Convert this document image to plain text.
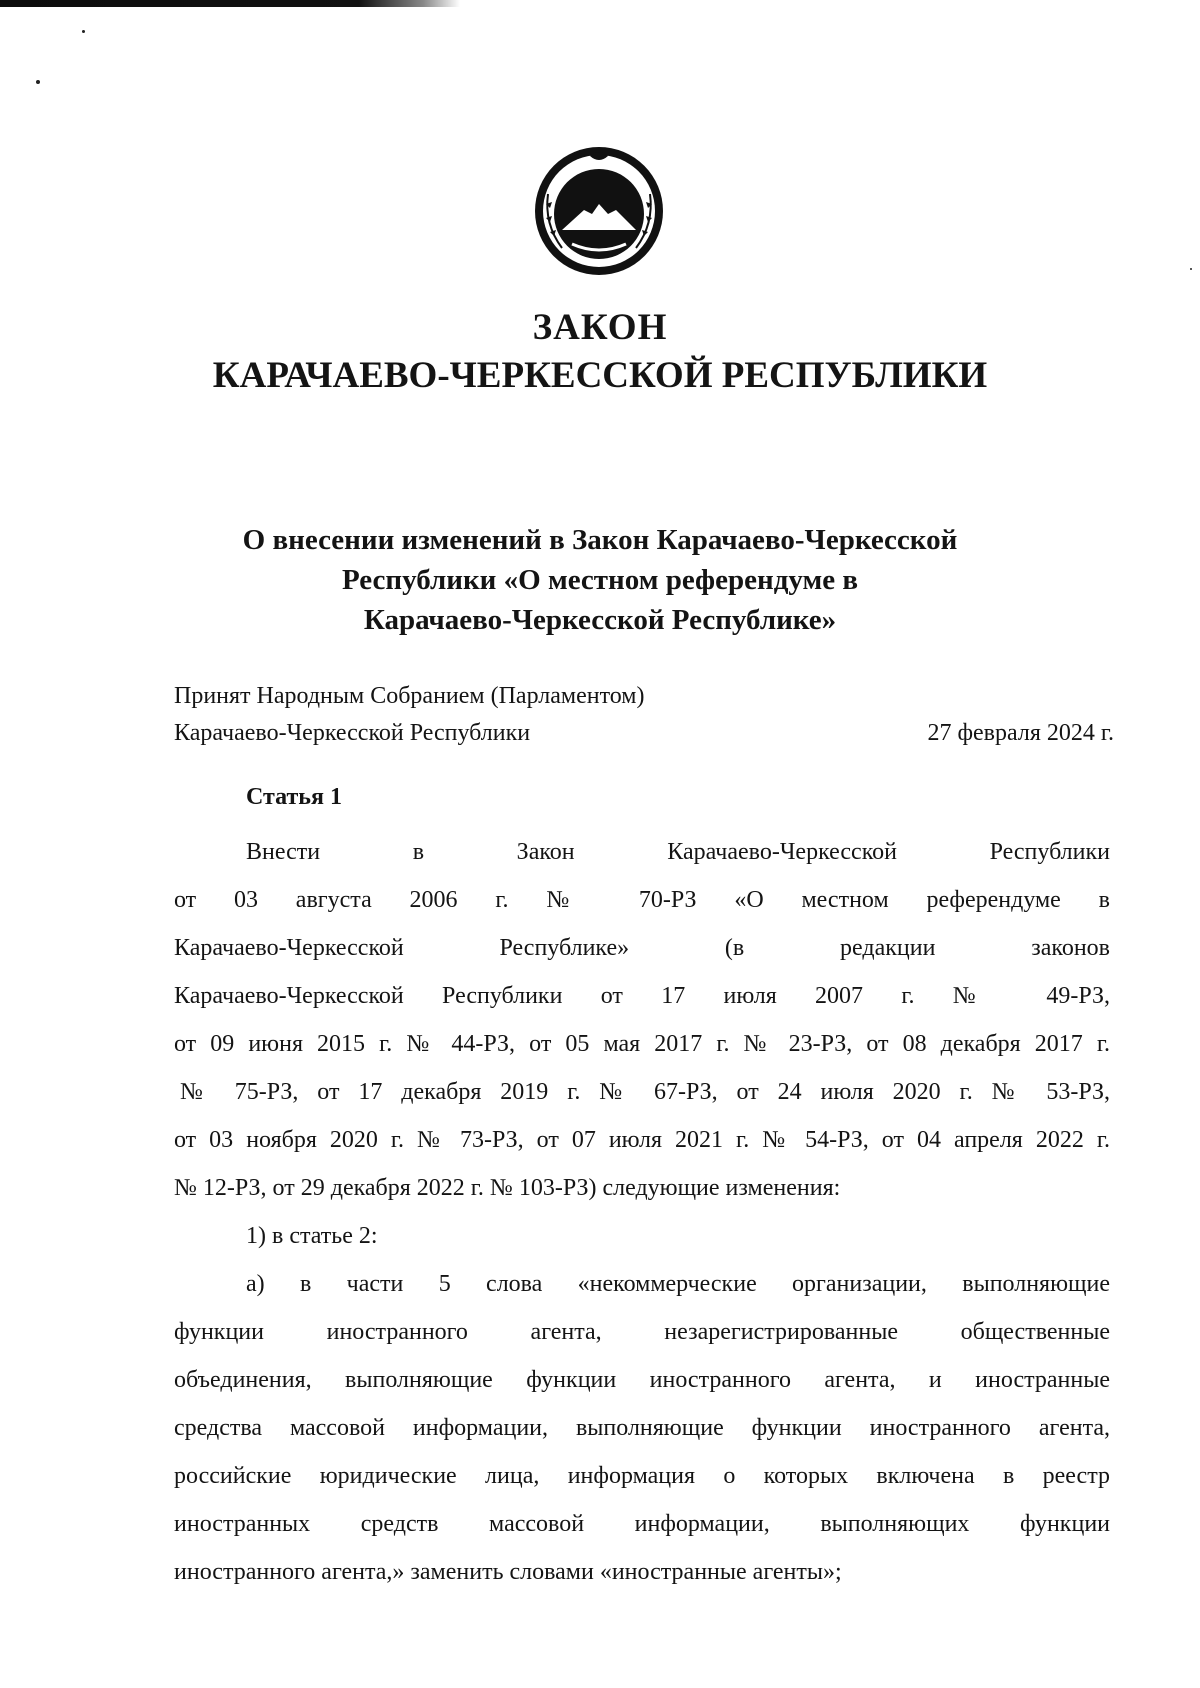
ЗАКОН
КАРАЧАЕВО-ЧЕРКЕССКОЙ РЕСПУБЛИКИ
О внесении изменений в Закон Карачаево-Черкесской
Республики «О местном референдуме в
Карачаево-Черкесской Республике»
Принят Народным Собранием (Парламентом)
Карачаево-Черкесской Республики	27 февраля 2024 г.
Статья 1
Внести в Закон Карачаево-Черкесской Республики
от 03 августа 2006 г. № 70-РЗ «О местном референдуме в
Карачаево-Черкесской Республике» (в редакции законов
Карачаево-Черкесской Республики от 17 июля 2007 г. № 49-РЗ,
от 09 июня 2015 г. № 44-РЗ, от 05 мая 2017 г. № 23-РЗ, от 08 декабря 2017 г.
№ 75-РЗ, от 17 декабря 2019 г. № 67-РЗ, от 24 июля 2020 г. № 53-РЗ,
от 03 ноября 2020 г. № 73-РЗ, от 07 июля 2021 г. № 54-РЗ, от 04 апреля 2022 г.
№ 12-РЗ, от 29 декабря 2022 г. № 103-РЗ) следующие изменения:
1) в статье 2:
а) в части 5 слова «некоммерческие организации, выполняющие
функции иностранного агента, незарегистрированные общественные
объединения, выполняющие функции иностранного агента, и иностранные
средства массовой информации, выполняющие функции иностранного агента,
российские юридические лица, информация о которых включена в реестр
иностранных средств массовой информации, выполняющих функции
иностранного агента,» заменить словами «иностранные агенты»;
